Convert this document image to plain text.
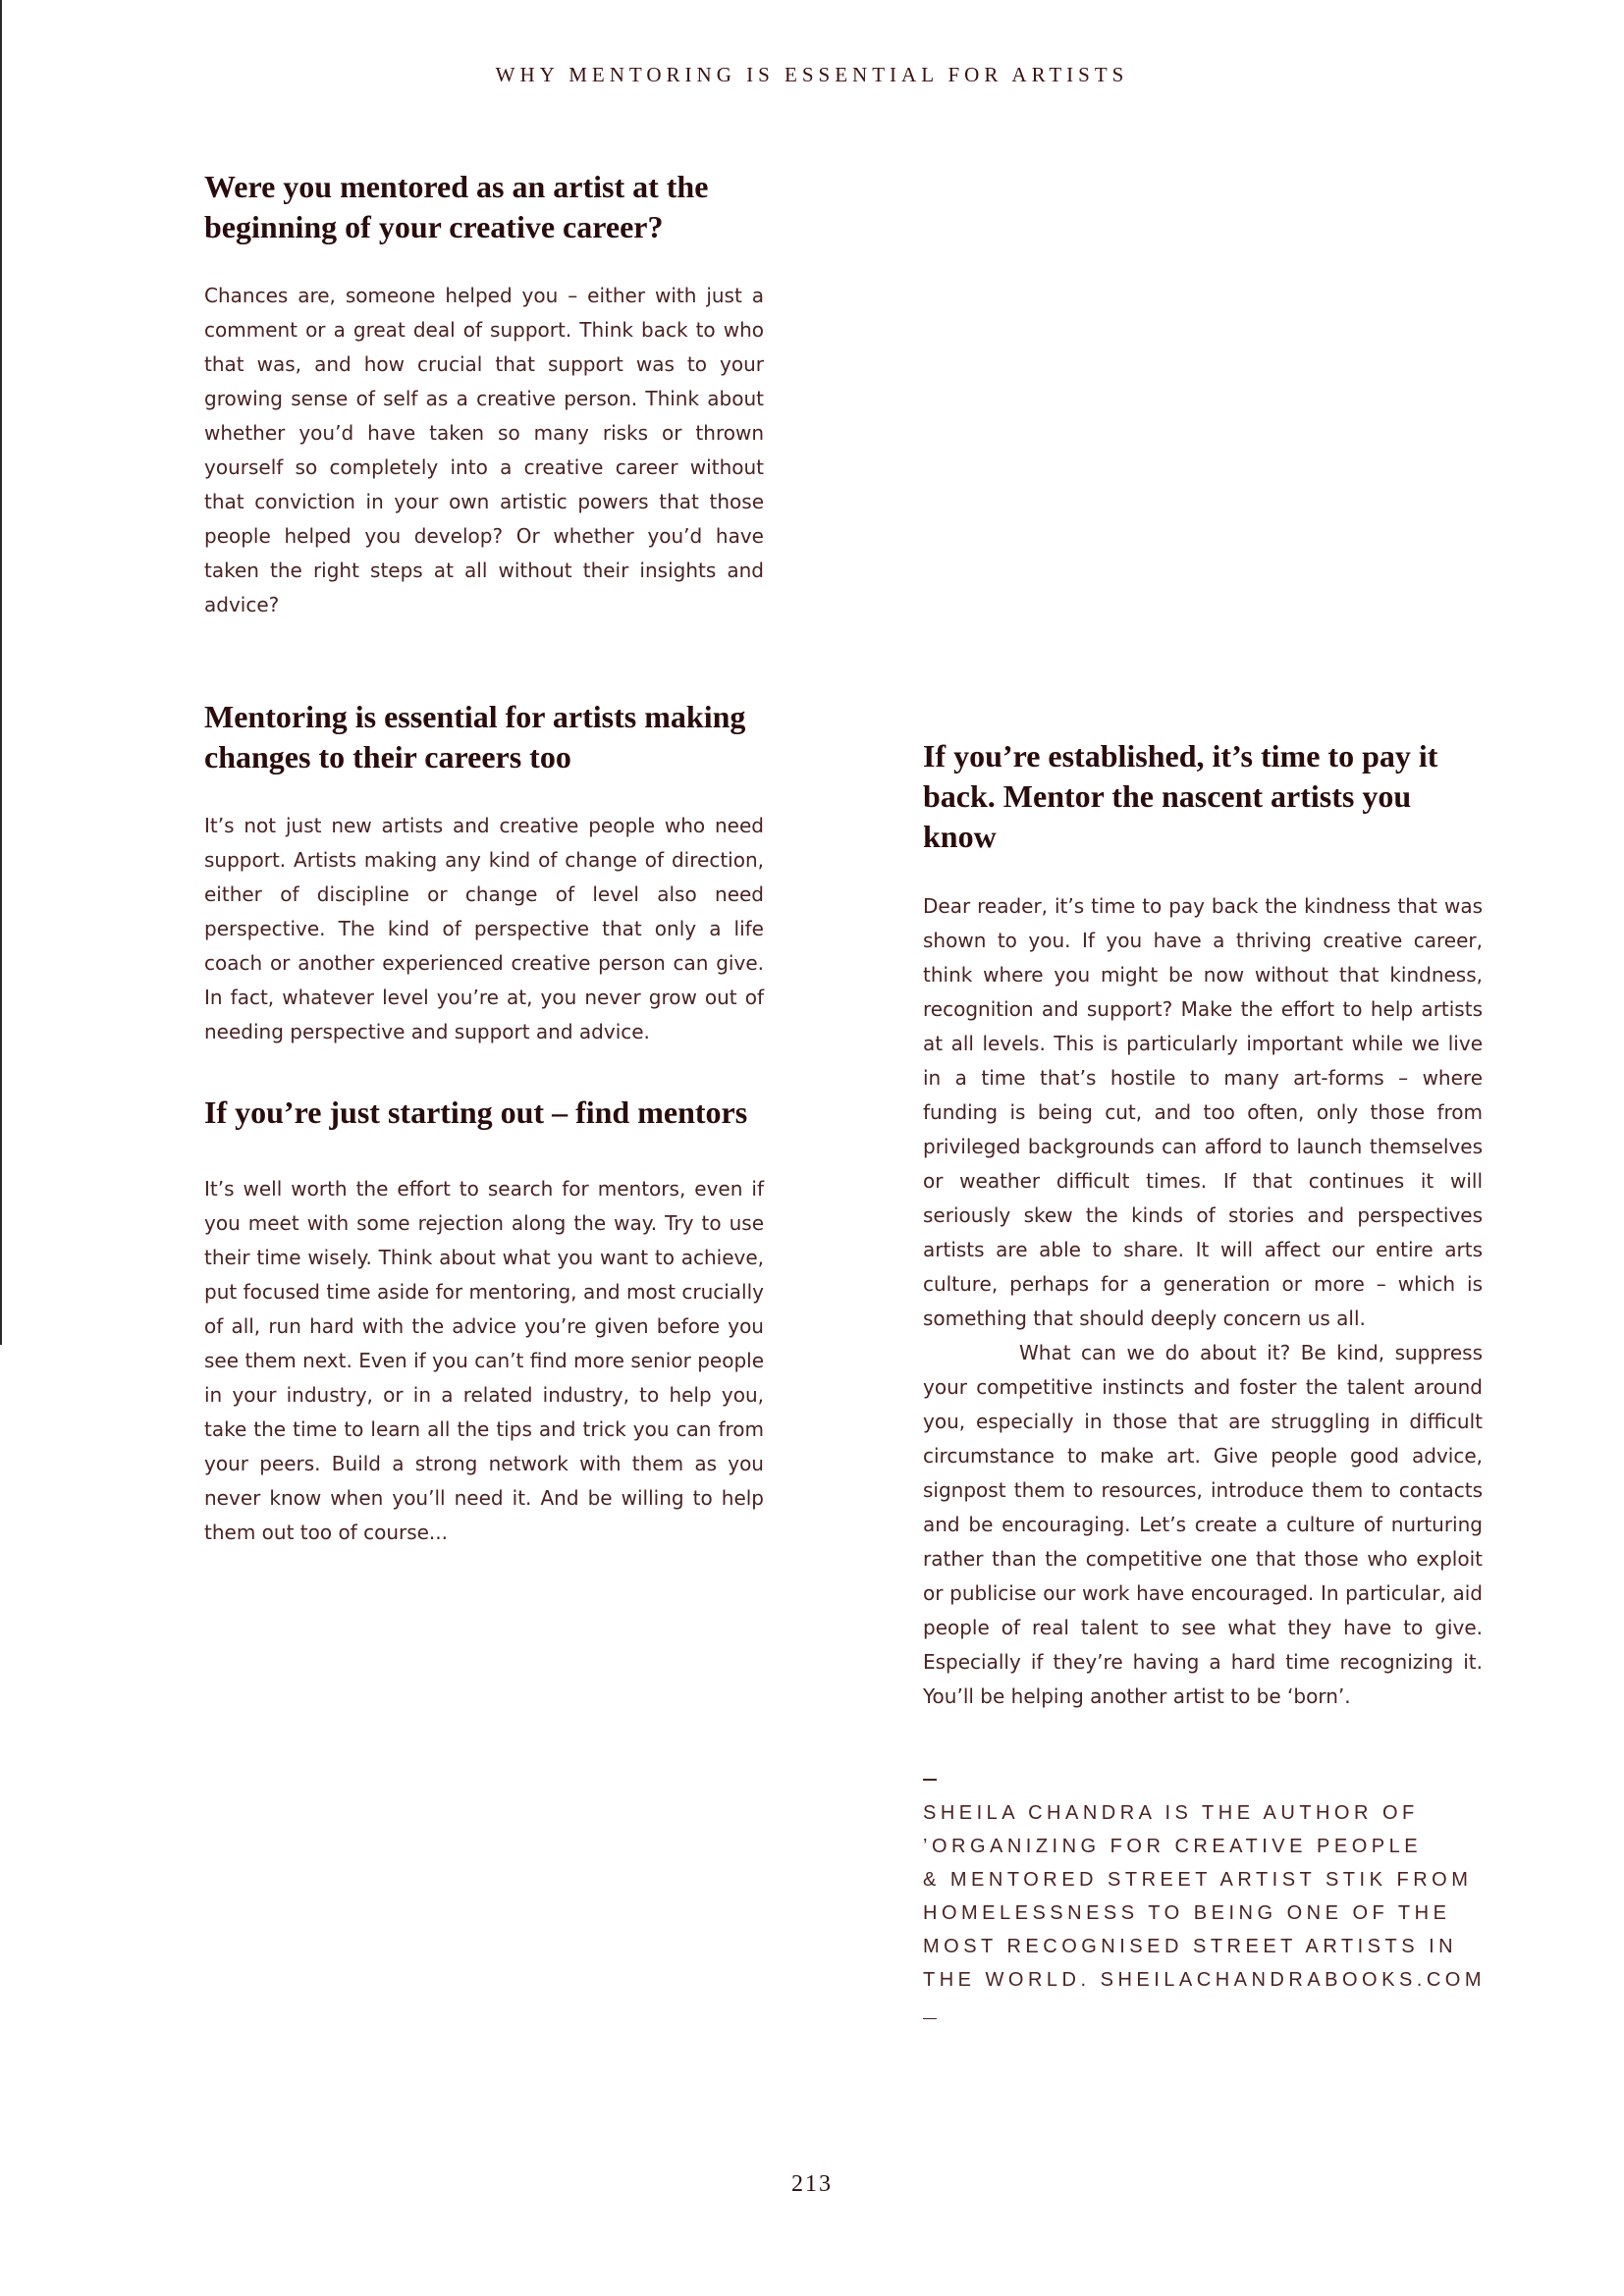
WHY MENTORING IS ESSENTIAL FOR ARTISTS
Were you mentored as an artist at the beginning of your creative career?

Chances are, someone helped you – either with just a comment or a great deal of support. Think back to who that was, and how crucial that support was to your growing sense of self as a creative person. Think about whether you’d have taken so many risks or thrown yourself so completely into a creative career without that conviction in your own artistic powers that those people helped you develop? Or whether you’d have taken the right steps at all without their insights and advice?

Mentoring is essential for artists making changes to their careers too

It’s not just new artists and creative people who need support. Artists making any kind of change of direction, either of discipline or change of level also need perspective. The kind of perspective that only a life coach or another experienced creative person can give. In fact, whatever level you’re at, you never grow out of needing perspective and support and advice.

If you’re just starting out – find mentors

It’s well worth the effort to search for mentors, even if you meet with some rejection along the way. Try to use their time wisely. Think about what you want to achieve, put focused time aside for mentoring, and most crucially of all, run hard with the advice you’re given before you see them next. Even if you can’t find more senior people in your industry, or in a related industry, to help you, take the time to learn all the tips and trick you can from your peers. Build a strong network with them as you never know when you’ll need it. And be willing to help them out too of course...

If you’re established, it’s time to pay it back. Mentor the nascent artists you know

Dear reader, it’s time to pay back the kindness that was shown to you. If you have a thriving creative career, think where you might be now without that kindness, recognition and support? Make the effort to help artists at all levels. This is particularly important while we live in a time that’s hostile to many art-forms – where funding is being cut, and too often, only those from privileged backgrounds can afford to launch themselves or weather difficult times. If that continues it will seriously skew the kinds of stories and perspectives artists are able to share. It will affect our entire arts culture, perhaps for a generation or more – which is something that should deeply concern us all.

What can we do about it? Be kind, suppress your competitive instincts and foster the talent around you, especially in those that are struggling in difficult circumstance to make art. Give people good advice, signpost them to resources, introduce them to contacts and be encouraging. Let’s create a culture of nurturing rather than the competitive one that those who exploit or publicise our work have encouraged. In particular, aid people of real talent to see what they have to give. Especially if they’re having a hard time recognizing it. You’ll be helping another artist to be ‘born’.

SHEILA CHANDRA IS THE AUTHOR OF
’ORGANIZING FOR CREATIVE PEOPLE
& MENTORED STREET ARTIST STIK FROM
HOMELESSNESS TO BEING ONE OF THE
MOST RECOGNISED STREET ARTISTS IN
THE WORLD. SHEILACHANDRABOOKS.COM
213
